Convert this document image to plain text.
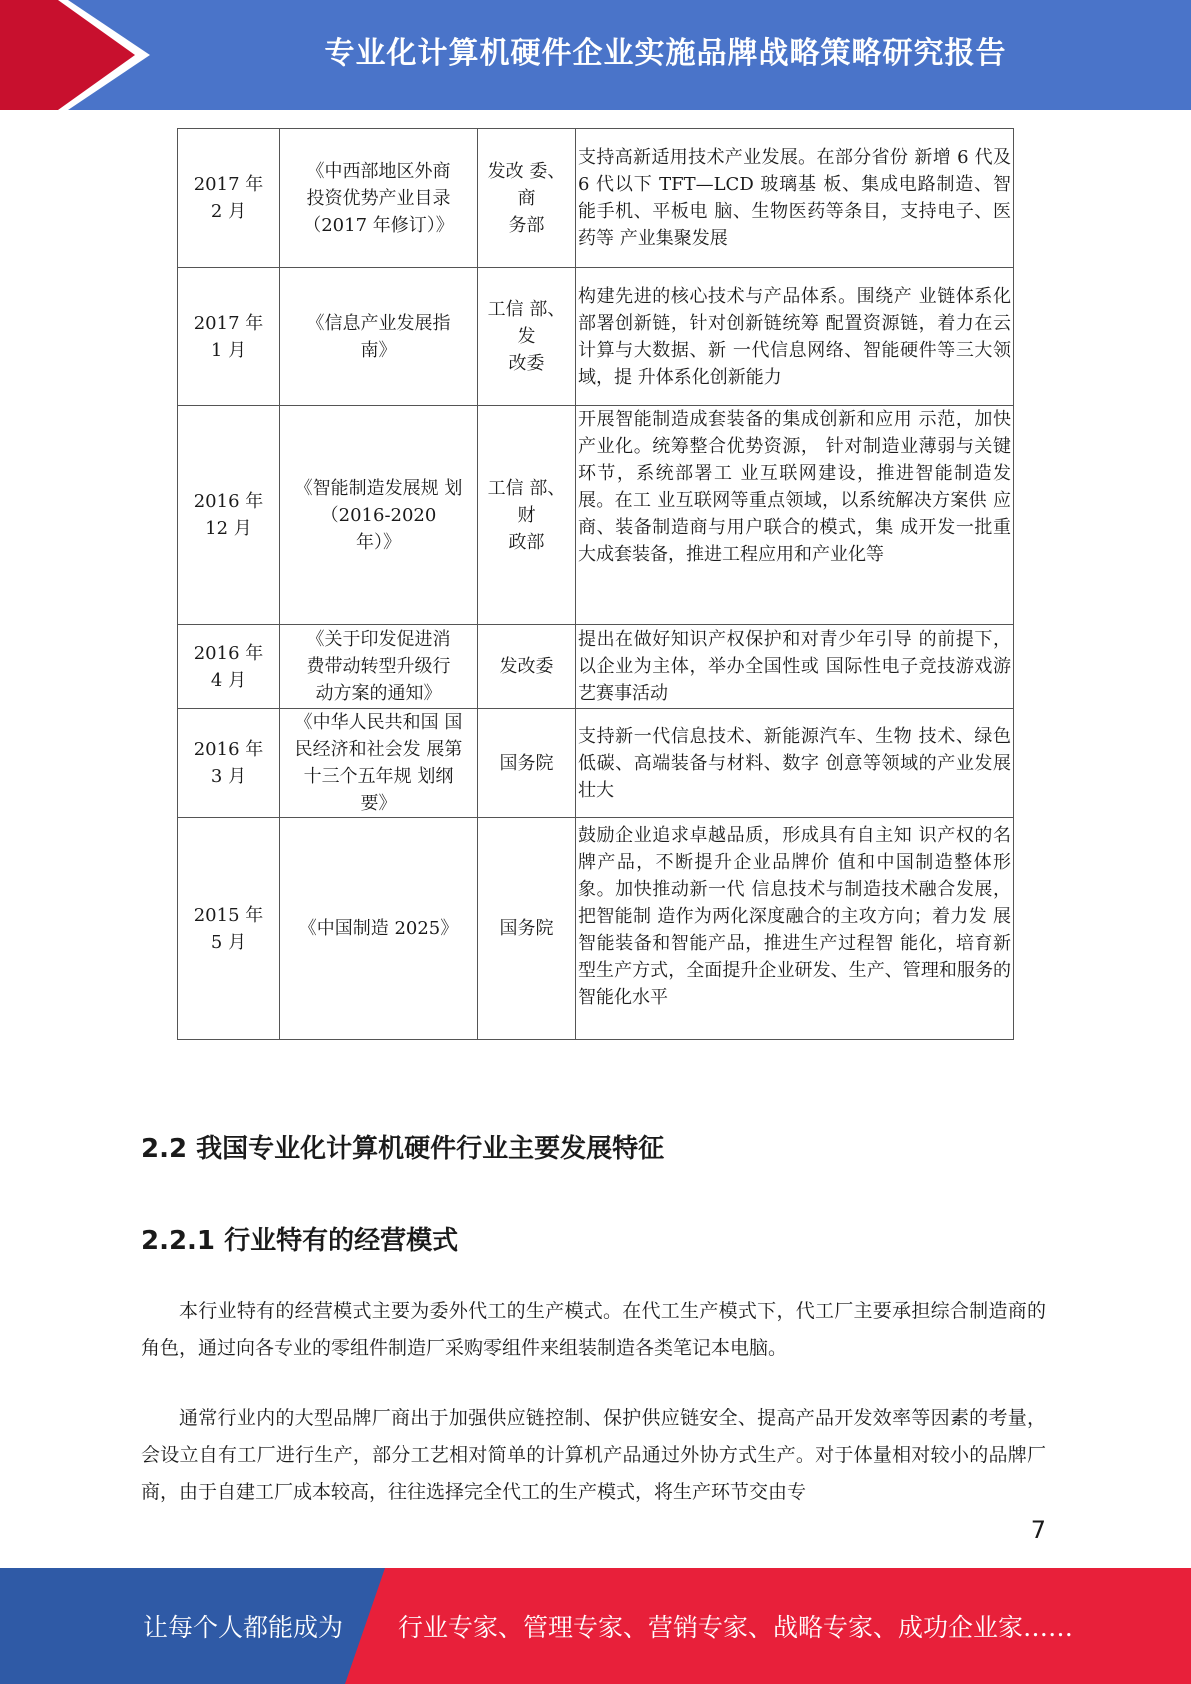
专业化计算机硬件企业实施品牌战略策略研究报告
2017 年
2 月	《中西部地区外商
投资优势产业目录
（2017 年修订）》	发改 委、
商
务部	支持高新适用技术产业发展。在部分省份 新增 6 代及 6 代以下 TFT—LCD 玻璃基 板、集成电路制造、智能手机、平板电 脑、生物医药等条目，支持电子、医药等 产业集聚发展
2017 年
1 月	《信息产业发展指
南》	工信 部、
发
改委	构建先进的核心技术与产品体系。围绕产 业链体系化部署创新链，针对创新链统筹 配置资源链，着力在云计算与大数据、新 一代信息网络、智能硬件等三大领域，提 升体系化创新能力
2016 年
12 月	《智能制造发展规 划
（2016-2020
年）》	工信 部、
财
政部	开展智能制造成套装备的集成创新和应用 示范，加快产业化。统筹整合优势资源， 针对制造业薄弱与关键环节，系统部署工 业互联网建设，推进智能制造发展。在工 业互联网等重点领域，以系统解决方案供 应商、装备制造商与用户联合的模式，集 成开发一批重大成套装备，推进工程应用和产业化等
2016 年
4 月	《关于印发促进消
费带动转型升级行
动方案的通知》	发改委	提出在做好知识产权保护和对青少年引导 的前提下，以企业为主体，举办全国性或 国际性电子竞技游戏游艺赛事活动
2016 年
3 月	《中华人民共和国 国
民经济和社会发 展第
十三个五年规 划纲
要》	国务院	支持新一代信息技术、新能源汽车、生物 技术、绿色低碳、高端装备与材料、数字 创意等领域的产业发展壮大
2015 年
5 月	《中国制造 2025》	国务院	鼓励企业追求卓越品质，形成具有自主知 识产权的名牌产品，不断提升企业品牌价 值和中国制造整体形象。加快推动新一代 信息技术与制造技术融合发展，把智能制 造作为两化深度融合的主攻方向；着力发 展智能装备和智能产品，推进生产过程智 能化，培育新型生产方式，全面提升企业研发、生产、管理和服务的智能化水平
2.2 我国专业化计算机硬件行业主要发展特征
2.2.1 行业特有的经营模式
本行业特有的经营模式主要为委外代工的生产模式。在代工生产模式下，代工厂主要承担综合制造商的角色，通过向各专业的零组件制造厂采购零组件来组装制造各类笔记本电脑。
通常行业内的大型品牌厂商出于加强供应链控制、保护供应链安全、提高产品开发效率等因素的考量，会设立自有工厂进行生产，部分工艺相对简单的计算机产品通过外协方式生产。对于体量相对较小的品牌厂商，由于自建工厂成本较高，往往选择完全代工的生产模式，将生产环节交由专
7
让每个人都能成为 行业专家、管理专家、营销专家、战略专家、成功企业家……
